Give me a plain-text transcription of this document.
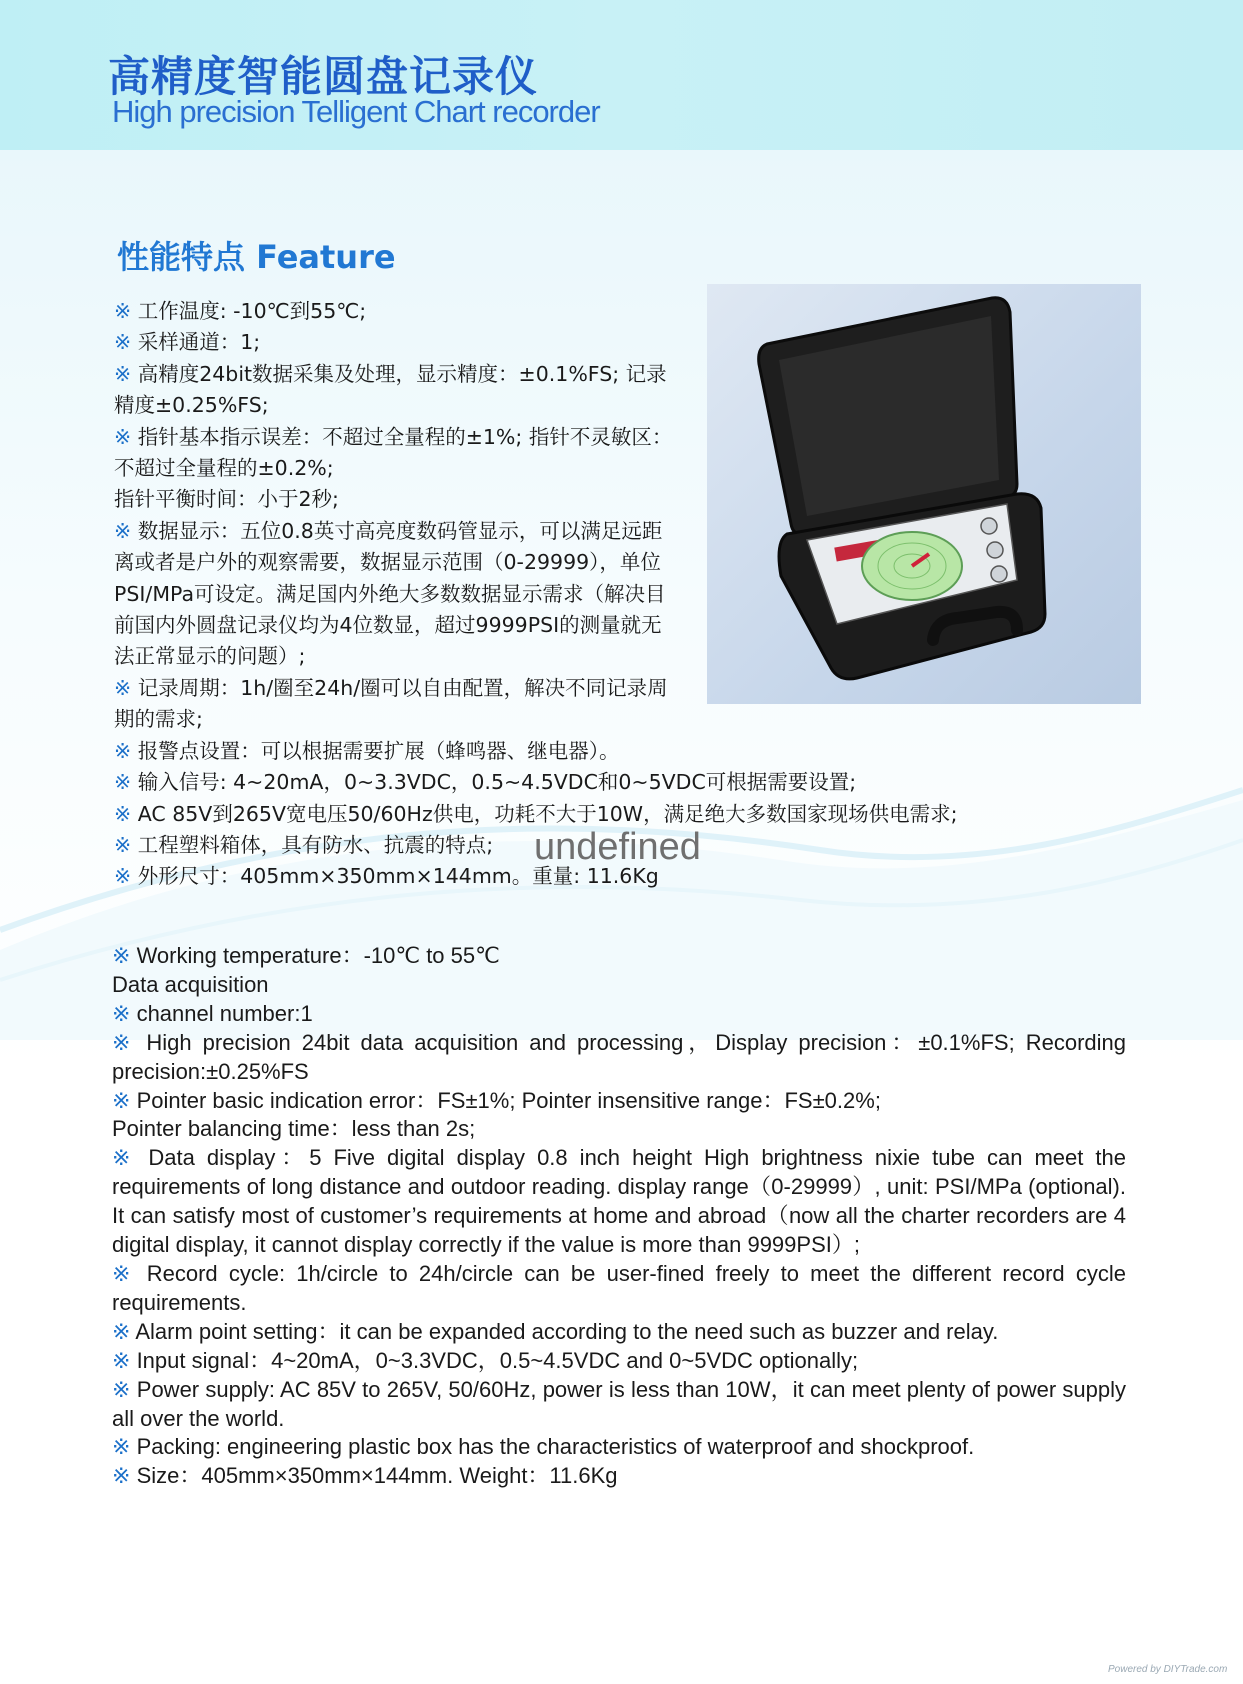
高精度智能圆盘记录仪
High precision Telligent Chart recorder
性能特点 Feature

※ 工作温度: -10℃到55℃;

※ 采样通道：1;

※ 高精度24bit数据采集及处理，显示精度：±0.1%FS; 记录精度±0.25%FS;

※ 指针基本指示误差：不超过全量程的±1%; 指针不灵敏区：不超过全量程的±0.2%;

指针平衡时间：小于2秒;

※ 数据显示：五位0.8英寸高亮度数码管显示，可以满足远距离或者是户外的观察需要，数据显示范围（0-29999），单位PSI/MPa可设定。满足国内外绝大多数数据显示需求（解决目前国内外圆盘记录仪均为4位数显，超过9999PSI的测量就无法正常显示的问题）;

※ 记录周期：1h/圈至24h/圈可以自由配置，解决不同记录周期的需求;

※ 报警点设置：可以根据需要扩展（蜂鸣器、继电器）。

※ 输入信号: 4~20mA，0~3.3VDC，0.5~4.5VDC和0~5VDC可根据需要设置;

※ AC 85V到265V宽电压50/60Hz供电，功耗不大于10W，满足绝大多数国家现场供电需求;

※ 工程塑料箱体，具有防水、抗震的特点;

※ 外形尺寸：405mm×350mm×144mm。重量: 11.6Kg

undefined

※ Working temperature：-10℃ to 55℃

Data acquisition

※ channel number:1

※ High precision 24bit data acquisition and processing，Display precision：±0.1%FS; Recording precision:±0.25%FS

※ Pointer basic indication error：FS±1%; Pointer insensitive range：FS±0.2%;

Pointer balancing time：less than 2s;

※ Data display：5 Five digital display 0.8 inch height High brightness nixie tube can meet the requirements of long distance and outdoor reading. display range（0-29999）, unit: PSI/MPa (optional). It can satisfy most of customer’s requirements at home and abroad（now all the charter recorders are 4 digital display, it cannot display correctly if the value is more than 9999PSI）;

※ Record cycle: 1h/circle to 24h/circle can be user-fined freely to meet the different record cycle requirements.

※ Alarm point setting：it can be expanded according to the need such as buzzer and relay.

※ Input signal：4~20mA，0~3.3VDC，0.5~4.5VDC and 0~5VDC optionally;

※ Power supply: AC 85V to 265V, 50/60Hz, power is less than 10W，it can meet plenty of power supply all over the world.

※ Packing: engineering plastic box has the characteristics of waterproof and shockproof.

※ Size：405mm×350mm×144mm. Weight：11.6Kg

Powered by DIYTrade.com
